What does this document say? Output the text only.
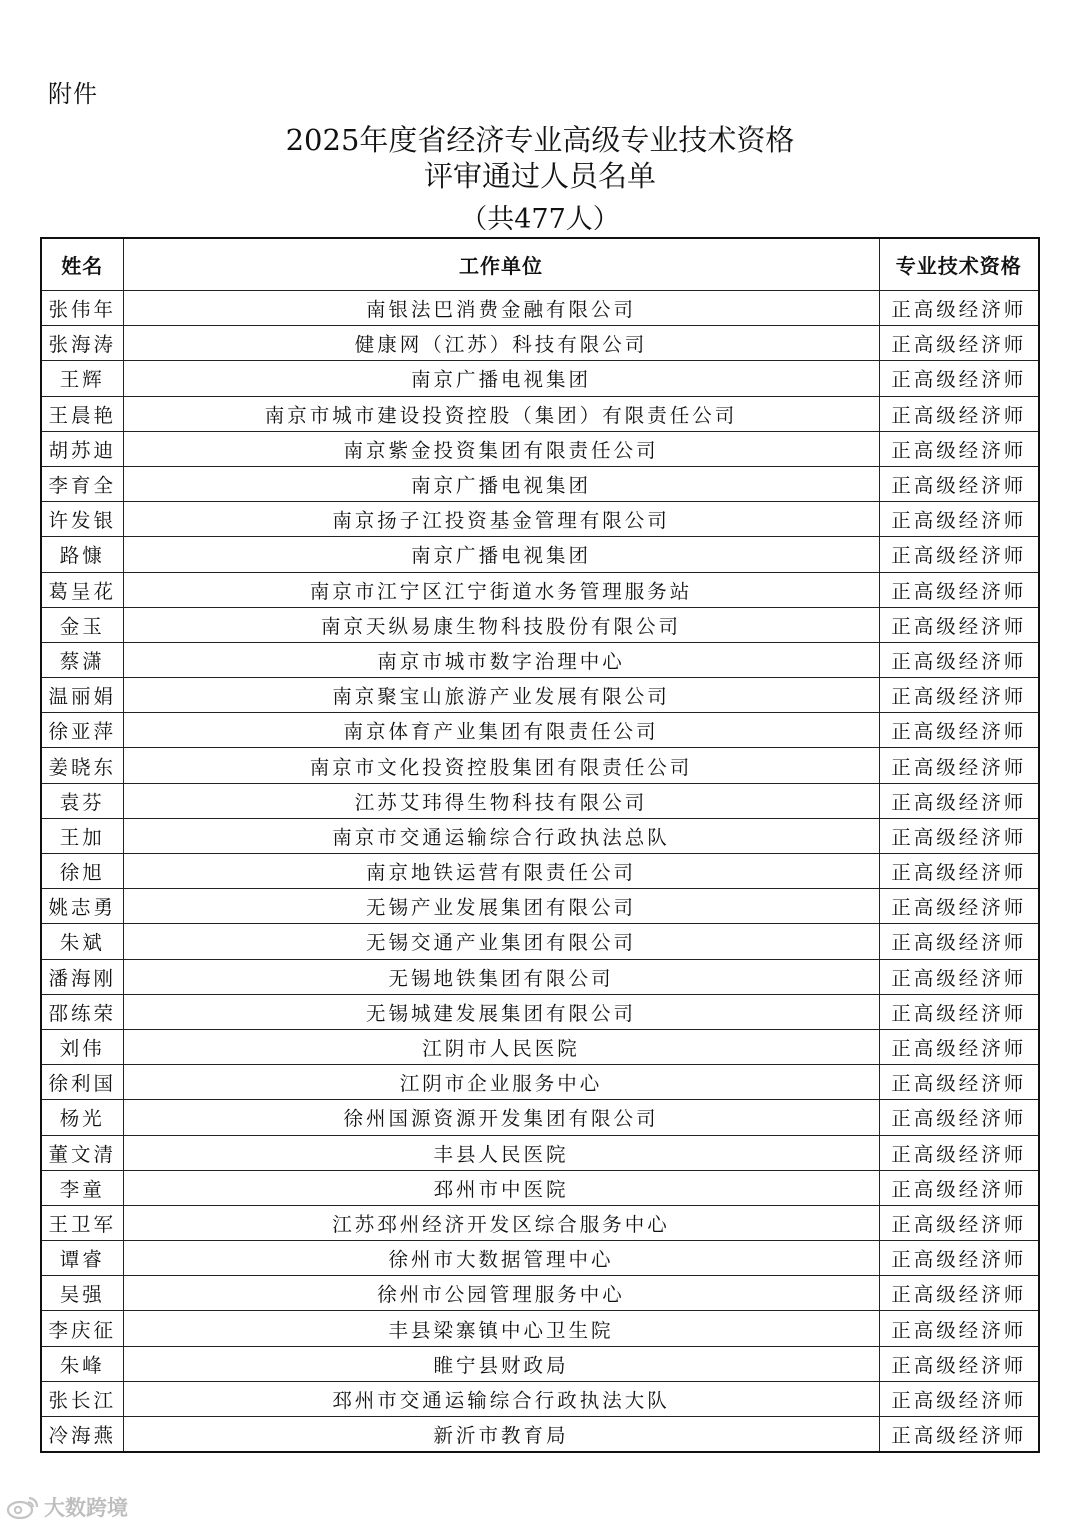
附件
2025年度省经济专业高级专业技术资格
评审通过人员名单
（共477人）
姓名	工作单位	专业技术资格
张伟年	南银法巴消费金融有限公司	正高级经济师
张海涛	健康网（江苏）科技有限公司	正高级经济师
王辉	南京广播电视集团	正高级经济师
王晨艳	南京市城市建设投资控股（集团）有限责任公司	正高级经济师
胡苏迪	南京紫金投资集团有限责任公司	正高级经济师
李育全	南京广播电视集团	正高级经济师
许发银	南京扬子江投资基金管理有限公司	正高级经济师
路慷	南京广播电视集团	正高级经济师
葛呈花	南京市江宁区江宁街道水务管理服务站	正高级经济师
金玉	南京天纵易康生物科技股份有限公司	正高级经济师
蔡潇	南京市城市数字治理中心	正高级经济师
温丽娟	南京聚宝山旅游产业发展有限公司	正高级经济师
徐亚萍	南京体育产业集团有限责任公司	正高级经济师
姜晓东	南京市文化投资控股集团有限责任公司	正高级经济师
袁芬	江苏艾玮得生物科技有限公司	正高级经济师
王加	南京市交通运输综合行政执法总队	正高级经济师
徐旭	南京地铁运营有限责任公司	正高级经济师
姚志勇	无锡产业发展集团有限公司	正高级经济师
朱斌	无锡交通产业集团有限公司	正高级经济师
潘海刚	无锡地铁集团有限公司	正高级经济师
邵练荣	无锡城建发展集团有限公司	正高级经济师
刘伟	江阴市人民医院	正高级经济师
徐利国	江阴市企业服务中心	正高级经济师
杨光	徐州国源资源开发集团有限公司	正高级经济师
董文清	丰县人民医院	正高级经济师
李童	邳州市中医院	正高级经济师
王卫军	江苏邳州经济开发区综合服务中心	正高级经济师
谭睿	徐州市大数据管理中心	正高级经济师
吴强	徐州市公园管理服务中心	正高级经济师
李庆征	丰县梁寨镇中心卫生院	正高级经济师
朱峰	睢宁县财政局	正高级经济师
张长江	邳州市交通运输综合行政执法大队	正高级经济师
冷海燕	新沂市教育局	正高级经济师
大数跨境
